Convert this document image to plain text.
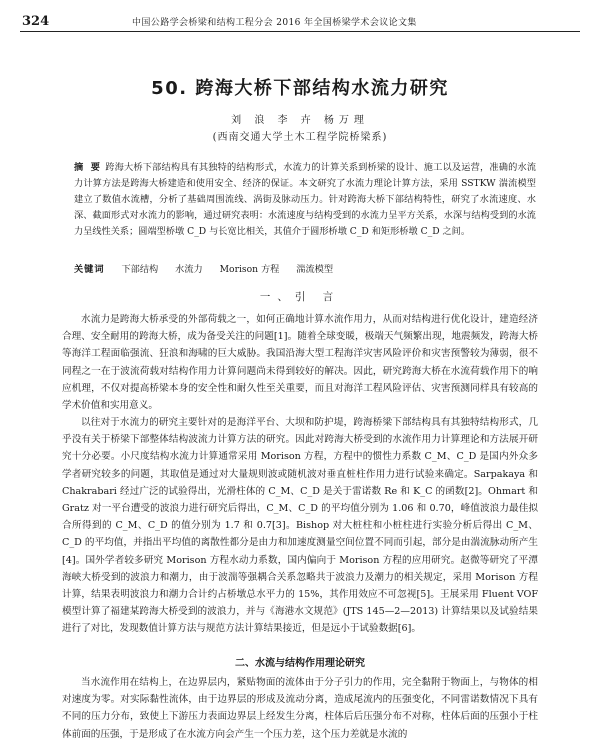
324	中国公路学会桥梁和结构工程分会 2016 年全国桥梁学术会议论文集
50. 跨海大桥下部结构水流力研究
刘 浪 李 卉 杨万理
(西南交通大学土木工程学院桥梁系)
摘 要 跨海大桥下部结构具有其独特的结构形式，水流力的计算关系到桥梁的设计、施工以及运营，准确的水流力计算方法是跨海大桥建造和使用安全、经济的保证。本文研究了水流力理论计算方法，采用 SSTKW 湍流模型建立了数值水流槽，分析了基础周围流线、涡街及脉动压力。针对跨海大桥下部结构特性，研究了水流速度、水深、截面形式对水流力的影响，通过研究表明：水流速度与结构受到的水流力呈平方关系，水深与结构受到的水流力呈线性关系；圆端型桥墩 C_D 与长宽比相关，其值介于圆形桥墩 C_D 和矩形桥墩 C_D 之间。
关键词 下部结构 水流力 Morison 方程 湍流模型
一、引 言
水流力是跨海大桥承受的外部荷载之一，如何正确地计算水流作用力，从而对结构进行优化设计，建造经济合理、安全耐用的跨海大桥，成为备受关注的问题[1]。随着全球变暖，极端天气频繁出现，地震频发，跨海大桥等海洋工程面临强流、狂浪和海啸的巨大威胁。我国沿海大型工程海洋灾害风险评价和灾害预警较为薄弱，很不同程之一在于波流荷载对结构作用力计算问题尚未得到较好的解决。因此，研究跨海大桥在水流荷载作用下的响应机理，不仅对提高桥梁本身的安全性和耐久性至关重要，而且对海洋工程风险评估、灾害预测同样具有较高的学术价值和实用意义。
以往对于水流力的研究主要针对的是海洋平台、大坝和防护堤，跨海桥梁下部结构具有其独特结构形式，几乎没有关于桥梁下部整体结构波流力计算方法的研究。因此对跨海大桥受到的水流作用力计算理论和方法展开研究十分必要。小尺度结构水流力计算通常采用 Morison 方程，方程中的惯性力系数 C_M、C_D 是国内外众多学者研究较多的问题，其取值是通过对大量规则波或随机波对垂直桩柱作用力进行试验来确定。Sarpakaya 和 Chakrabari 经过广泛的试验得出，光滑柱体的 C_M、C_D 是关于雷诺数 Re 和 K_C 的函数[2]。Ohmart 和 Gratz 对一平台遭受的波浪力进行研究后得出，C_M、C_D 的平均值分别为 1.06 和 0.70，峰值波浪力最佳拟合所得到的 C_M、C_D 的值分别为 1.7 和 0.7[3]。Bishop 对大桩柱和小桩柱进行实验分析后得出 C_M、C_D 的平均值，并指出平均值的离散性都分是由力和加速度测量空间位置不同而引起，部分是由湍流脉动所产生[4]。国外学者较多研究 Morison 方程水动力系数，国内偏向于 Morison 方程的应用研究。赵微等研究了平潭海峡大桥受到的波浪力和潮力，由于波湍等强耦合关系忽略共于波浪力及潮力的相关规定，采用 Morison 方程计算，结果表明波浪力和潮力合计约占桥墩总水平力的 15%，其作用效应不可忽视[5]。王展采用 Fluent VOF 模型计算了福建某跨海大桥受到的波浪力，并与《海港水文规范》(JTS 145—2—2013) 计算结果以及试验结果进行了对比，发现数值计算方法与规范方法计算结果接近，但是远小于试验数据[6]。
二、水流与结构作用理论研究
当水流作用在结构上，在边界层内，紧贴物面的流体由于分子引力的作用，完全黏附于物面上，与物体的相对速度为零。对实际黏性流体，由于边界层的形成及流动分离，造成尾流内的压强变化，不同雷诺数情况下具有不同的压力分布，致使上下游压力表面边界层上经发生分离，柱体后后压强分布不对称，柱体后面的压强小于柱体前面的压强，于是形成了在水流方向会产生一个压力差，这个压力差就是水流的
